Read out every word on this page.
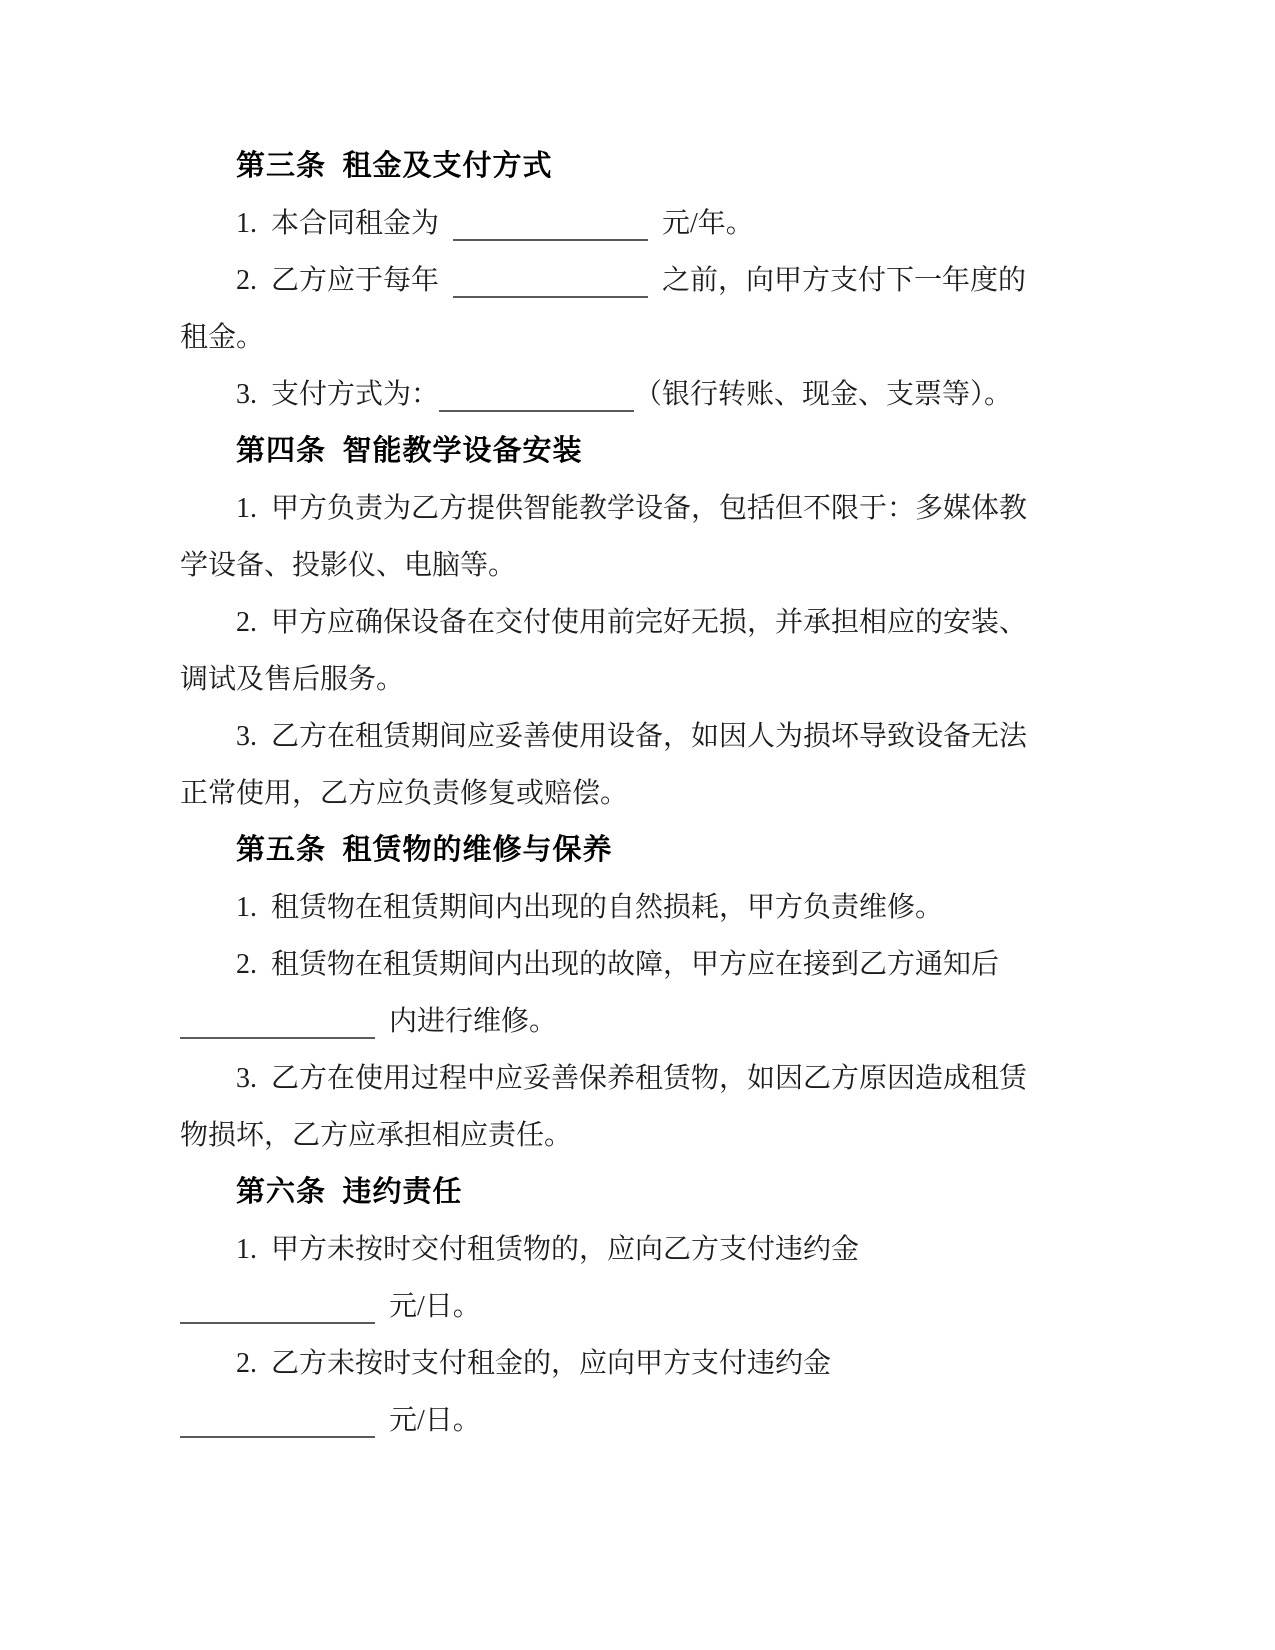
第三条  租金及支付方式
1.  本合同租金为	元/年。
2.  乙方应于每年	之前，向甲方支付下一年度的
租金。
3.  支付方式为：	（银行转账、现金、支票等）。
第四条  智能教学设备安装
1.  甲方负责为乙方提供智能教学设备，包括但不限于：多媒体教
学设备、投影仪、电脑等。
2.  甲方应确保设备在交付使用前完好无损，并承担相应的安装、
调试及售后服务。
3.  乙方在租赁期间应妥善使用设备，如因人为损坏导致设备无法
正常使用，乙方应负责修复或赔偿。
第五条  租赁物的维修与保养
1.  租赁物在租赁期间内出现的自然损耗，甲方负责维修。
2.  租赁物在租赁期间内出现的故障，甲方应在接到乙方通知后
内进行维修。
3.  乙方在使用过程中应妥善保养租赁物，如因乙方原因造成租赁
物损坏，乙方应承担相应责任。
第六条  违约责任
1.  甲方未按时交付租赁物的，应向乙方支付违约金
元/日。
2.  乙方未按时支付租金的，应向甲方支付违约金
元/日。
